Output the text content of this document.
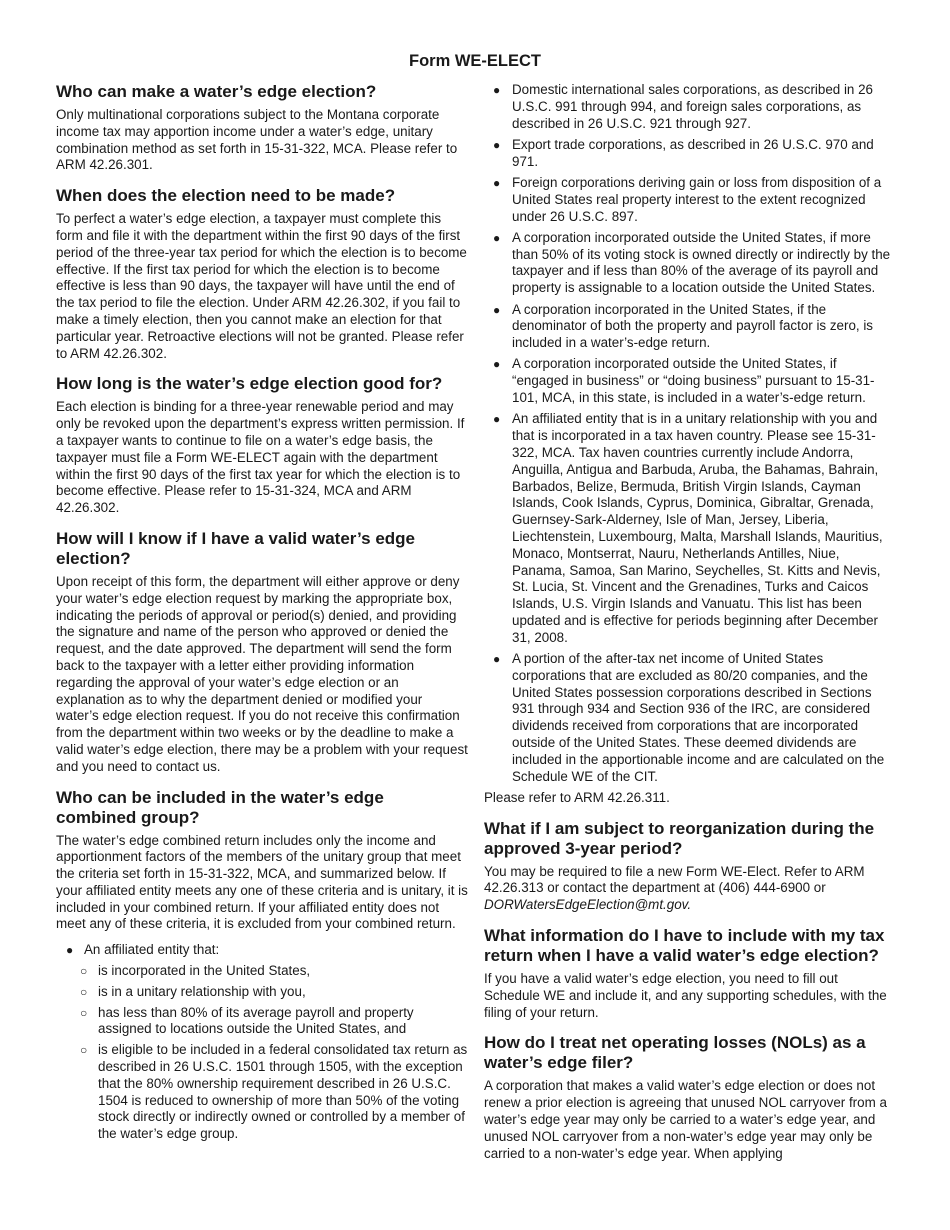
Form WE-ELECT
Who can make a water’s edge election?

Only multinational corporations subject to the Montana corporate income tax may apportion income under a water’s edge, unitary combination method as set forth in 15-31-322, MCA. Please refer to ARM 42.26.301.

When does the election need to be made?

To perfect a water’s edge election, a taxpayer must complete this form and file it with the department within the first 90 days of the first period of the three-year tax period for which the election is to become effective. If the first tax period for which the election is to become effective is less than 90 days, the taxpayer will have until the end of the tax period to file the election. Under ARM 42.26.302, if you fail to make a timely election, then you cannot make an election for that particular year. Retroactive elections will not be granted. Please refer to ARM 42.26.302.

How long is the water’s edge election good for?

Each election is binding for a three-year renewable period and may only be revoked upon the department’s express written permission. If a taxpayer wants to continue to file on a water’s edge basis, the taxpayer must file a Form WE-ELECT again with the department within the first 90 days of the first tax year for which the election is to become effective. Please refer to 15-31-324, MCA and ARM 42.26.302.

How will I know if I have a valid water’s edge election?

Upon receipt of this form, the department will either approve or deny your water’s edge election request by marking the appropriate box, indicating the periods of approval or period(s) denied, and providing the signature and name of the person who approved or denied the request, and the date approved. The department will send the form back to the taxpayer with a letter either providing information regarding the approval of your water’s edge election or an explanation as to why the department denied or modified your water’s edge election request. If you do not receive this confirmation from the department within two weeks or by the deadline to make a valid water’s edge election, there may be a problem with your request and you need to contact us.

Who can be included in the water’s edge combined group?

The water’s edge combined return includes only the income and apportionment factors of the members of the unitary group that meet the criteria set forth in 15-31-322, MCA, and summarized below. If your affiliated entity meets any one of these criteria and is unitary, it is included in your combined return. If your affiliated entity does not meet any of these criteria, it is excluded from your combined return.

● An affiliated entity that:
○ is incorporated in the United States,
○ is in a unitary relationship with you,
○ has less than 80% of its average payroll and property assigned to locations outside the United States, and
○ is eligible to be included in a federal consolidated tax return as described in 26 U.S.C. 1501 through 1505, with the exception that the 80% ownership requirement described in 26 U.S.C. 1504 is reduced to ownership of more than 50% of the voting stock directly or indirectly owned or controlled by a member of the water’s edge group.
● Domestic international sales corporations, as described in 26 U.S.C. 991 through 994, and foreign sales corporations, as described in 26 U.S.C. 921 through 927.
● Export trade corporations, as described in 26 U.S.C. 970 and 971.
● Foreign corporations deriving gain or loss from disposition of a United States real property interest to the extent recognized under 26 U.S.C. 897.
● A corporation incorporated outside the United States, if more than 50% of its voting stock is owned directly or indirectly by the taxpayer and if less than 80% of the average of its payroll and property is assignable to a location outside the United States.
● A corporation incorporated in the United States, if the denominator of both the property and payroll factor is zero, is included in a water’s-edge return.
● A corporation incorporated outside the United States, if “engaged in business” or “doing business” pursuant to 15-31-101, MCA, in this state, is included in a water’s-edge return.
● An affiliated entity that is in a unitary relationship with you and that is incorporated in a tax haven country. Please see 15-31-322, MCA. Tax haven countries currently include Andorra, Anguilla, Antigua and Barbuda, Aruba, the Bahamas, Bahrain, Barbados, Belize, Bermuda, British Virgin Islands, Cayman Islands, Cook Islands, Cyprus, Dominica, Gibraltar, Grenada, Guernsey-Sark-Alderney, Isle of Man, Jersey, Liberia, Liechtenstein, Luxembourg, Malta, Marshall Islands, Mauritius, Monaco, Montserrat, Nauru, Netherlands Antilles, Niue, Panama, Samoa, San Marino, Seychelles, St. Kitts and Nevis, St. Lucia, St. Vincent and the Grenadines, Turks and Caicos Islands, U.S. Virgin Islands and Vanuatu. This list has been updated and is effective for periods beginning after December 31, 2008.
● A portion of the after-tax net income of United States corporations that are excluded as 80/20 companies, and the United States possession corporations described in Sections 931 through 934 and Section 936 of the IRC, are considered dividends received from corporations that are incorporated outside of the United States. These deemed dividends are included in the apportionable income and are calculated on the Schedule WE of the CIT.

Please refer to ARM 42.26.311.

What if I am subject to reorganization during the approved 3-year period?

You may be required to file a new Form WE-Elect. Refer to ARM 42.26.313 or contact the department at (406) 444-6900 or DORWatersEdgeElection@mt.gov.

What information do I have to include with my tax return when I have a valid water’s edge election?

If you have a valid water’s edge election, you need to fill out Schedule WE and include it, and any supporting schedules, with the filing of your return.

How do I treat net operating losses (NOLs) as a water’s edge filer?

A corporation that makes a valid water’s edge election or does not renew a prior election is agreeing that unused NOL carryover from a water’s edge year may only be carried to a water’s edge year, and unused NOL carryover from a non-water’s edge year may only be carried to a non-water’s edge year. When applying
